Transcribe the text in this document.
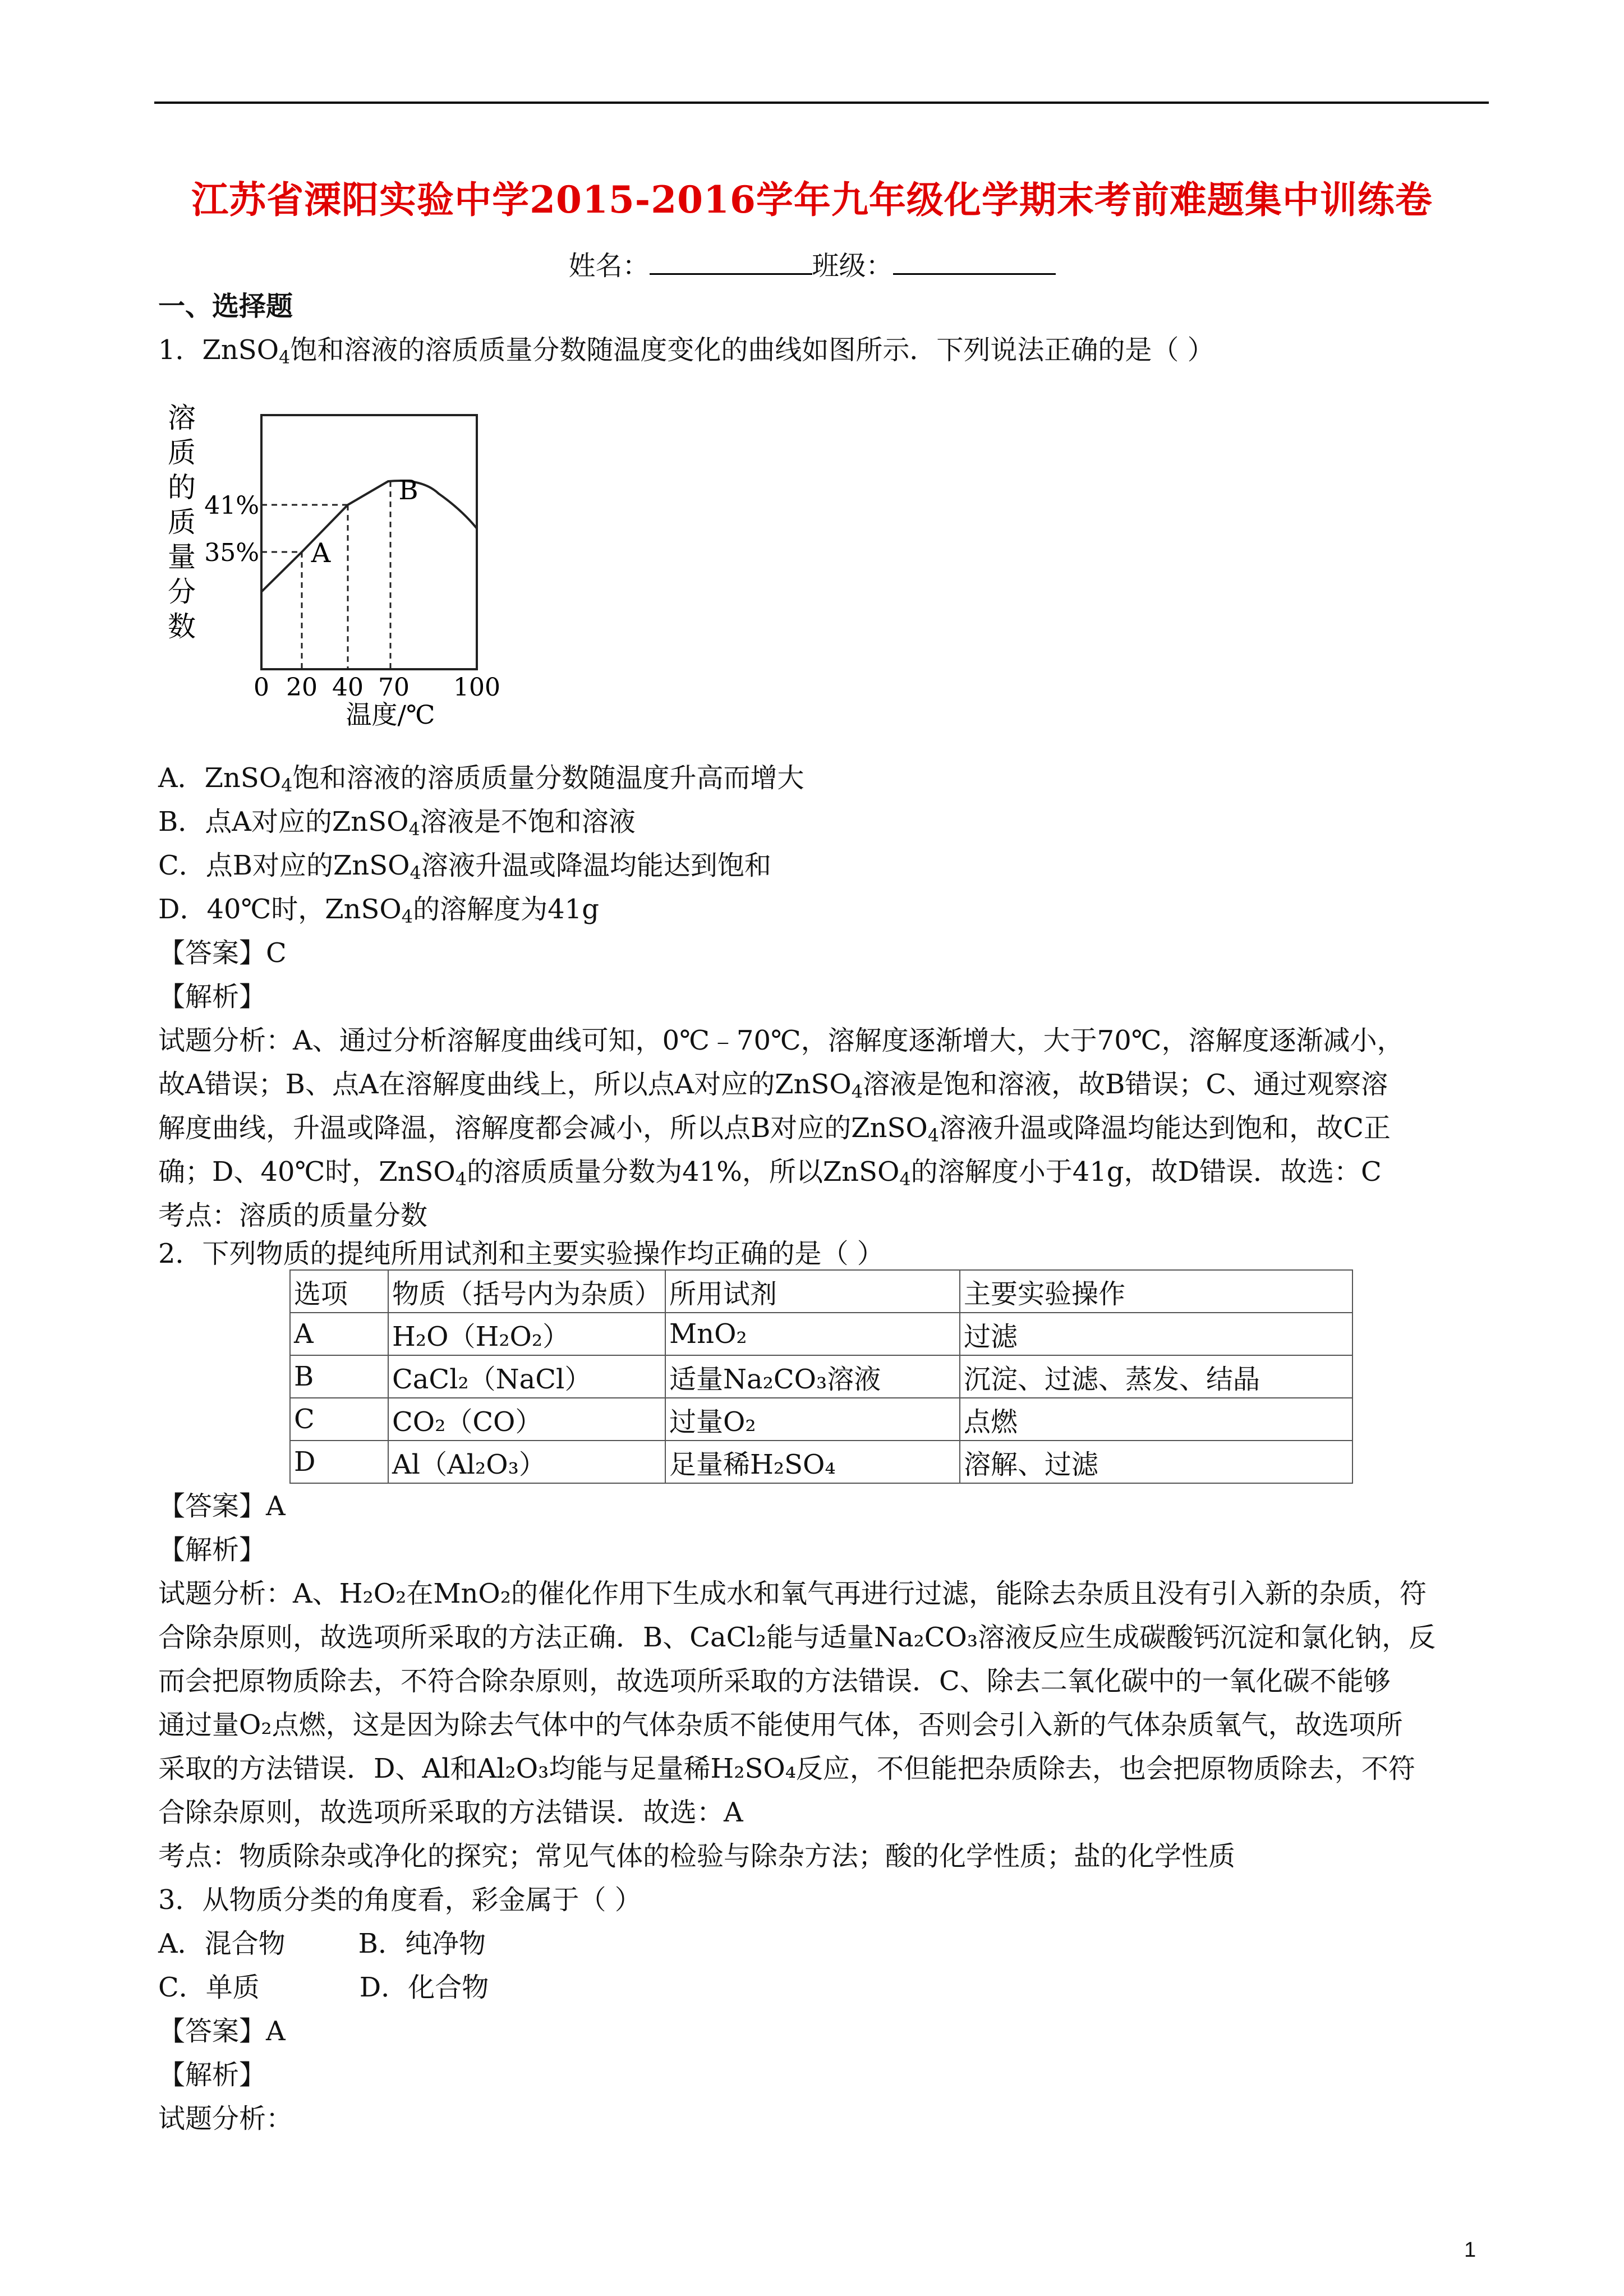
江苏省溧阳实验中学2015-2016学年九年级化学期末考前难题集中训练卷
姓名：	班级：
一、选择题
1．ZnSO$_4$饱和溶液的溶质质量分数随温度变化的曲线如图所示．下列说法正确的是（ ）
溶
质
的
质
量
分
数
35%
41%
0 20 40 70 100
A
B
温度/℃
A．ZnSO$_4$饱和溶液的溶质质量分数随温度升高而增大
B．点A对应的ZnSO$_4$溶液是不饱和溶液
C．点B对应的ZnSO$_4$溶液升温或降温均能达到饱和
D．40℃时，ZnSO$_4$的溶解度为41g
【答案】C
【解析】
试题分析：A、通过分析溶解度曲线可知，0℃﹣70℃，溶解度逐渐增大，大于70℃，溶解度逐渐减小，
故A错误；B、点A在溶解度曲线上，所以点A对应的ZnSO$_4$溶液是饱和溶液，故B错误；C、通过观察溶
解度曲线，升温或降温，溶解度都会减小，所以点B对应的ZnSO$_4$溶液升温或降温均能达到饱和，故C正
确；D、40℃时，ZnSO$_4$的溶质质量分数为41%，所以ZnSO$_4$的溶解度小于41g，故D错误．故选：C
考点：溶质的质量分数
2．下列物质的提纯所用试剂和主要实验操作均正确的是（ ）
选项	物质（括号内为杂质）	所用试剂	主要实验操作
A	H₂O（H₂O₂）	MnO₂	过滤
B	CaCl₂（NaCl）	适量Na₂CO₃溶液	沉淀、过滤、蒸发、结晶
C	CO₂（CO）	过量O₂	点燃
D	Al（Al₂O₃）	足量稀H₂SO₄	溶解、过滤
【答案】A
【解析】
试题分析：A、H₂O₂在MnO₂的催化作用下生成水和氧气再进行过滤，能除去杂质且没有引入新的杂质，符
合除杂原则，故选项所采取的方法正确．B、CaCl₂能与适量Na₂CO₃溶液反应生成碳酸钙沉淀和氯化钠，反
而会把原物质除去，不符合除杂原则，故选项所采取的方法错误．C、除去二氧化碳中的一氧化碳不能够
通过量O₂点燃，这是因为除去气体中的气体杂质不能使用气体，否则会引入新的气体杂质氧气，故选项所
采取的方法错误．D、Al和Al₂O₃均能与足量稀H₂SO₄反应，不但能把杂质除去，也会把原物质除去，不符
合除杂原则，故选项所采取的方法错误．故选：A
考点：物质除杂或净化的探究；常见气体的检验与除杂方法；酸的化学性质；盐的化学性质
3．从物质分类的角度看，彩金属于（ ）
A．混合物	B．纯净物
C．单质	D．化合物
【答案】A
【解析】
试题分析：
1
